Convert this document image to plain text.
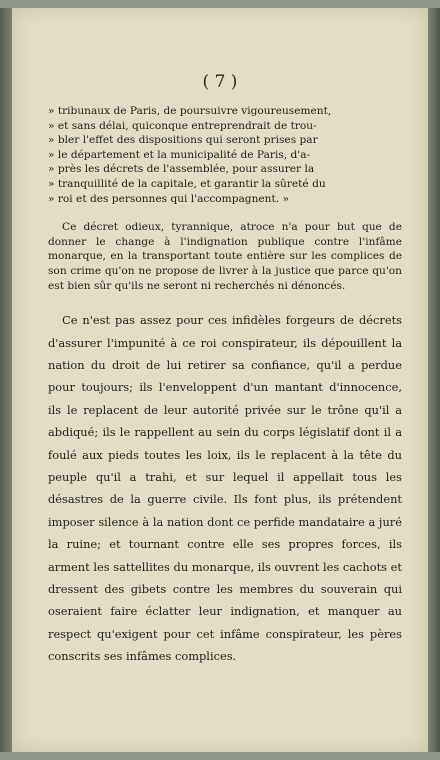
( 7 )
» tribunaux de Paris, de poursuivre vigoureusement,
» et sans délai, quiconque entreprendrait de trou-
» bler l'effet des dispositions qui seront prises par
» le département et la municipalité de Paris, d'a-
» près les décrets de l'assemblée, pour assurer la
» tranquillité de la capitale, et garantir la sûreté du
» roi et des personnes qui l'accompagnent. »

Ce décret odieux, tyrannique, atroce n'a pour but que de donner le change à l'indignation publique contre l'infâme monarque, en la transportant toute entière sur les complices de son crime qu'on ne propose de livrer à la justice que parce qu'on est bien sûr qu'ils ne seront ni recherchés ni dénoncés.

Ce n'est pas assez pour ces infidèles forgeurs de décrets d'assurer l'impunité à ce roi conspirateur, ils dépouillent la nation du droit de lui retirer sa confiance, qu'il a perdue pour toujours; ils l'enveloppent d'un mantant d'innocence, ils le replacent de leur autorité privée sur le trône qu'il a abdiqué; ils le rappellent au sein du corps législatif dont il a foulé aux pieds toutes les loix, ils le replacent à la tête du peuple qu'il a trahi, et sur lequel il appellait tous les désastres de la guerre civile. Ils font plus, ils prétendent imposer silence à la nation dont ce perfide mandataire a juré la ruine; et tournant contre elle ses propres forces, ils arment les sattellites du monarque, ils ouvrent les cachots et dressent des gibets contre les membres du souverain qui oseraient faire éclatter leur indignation, et manquer au respect qu'exigent pour cet infâme conspirateur, les pères conscrits ses infâmes complices.
